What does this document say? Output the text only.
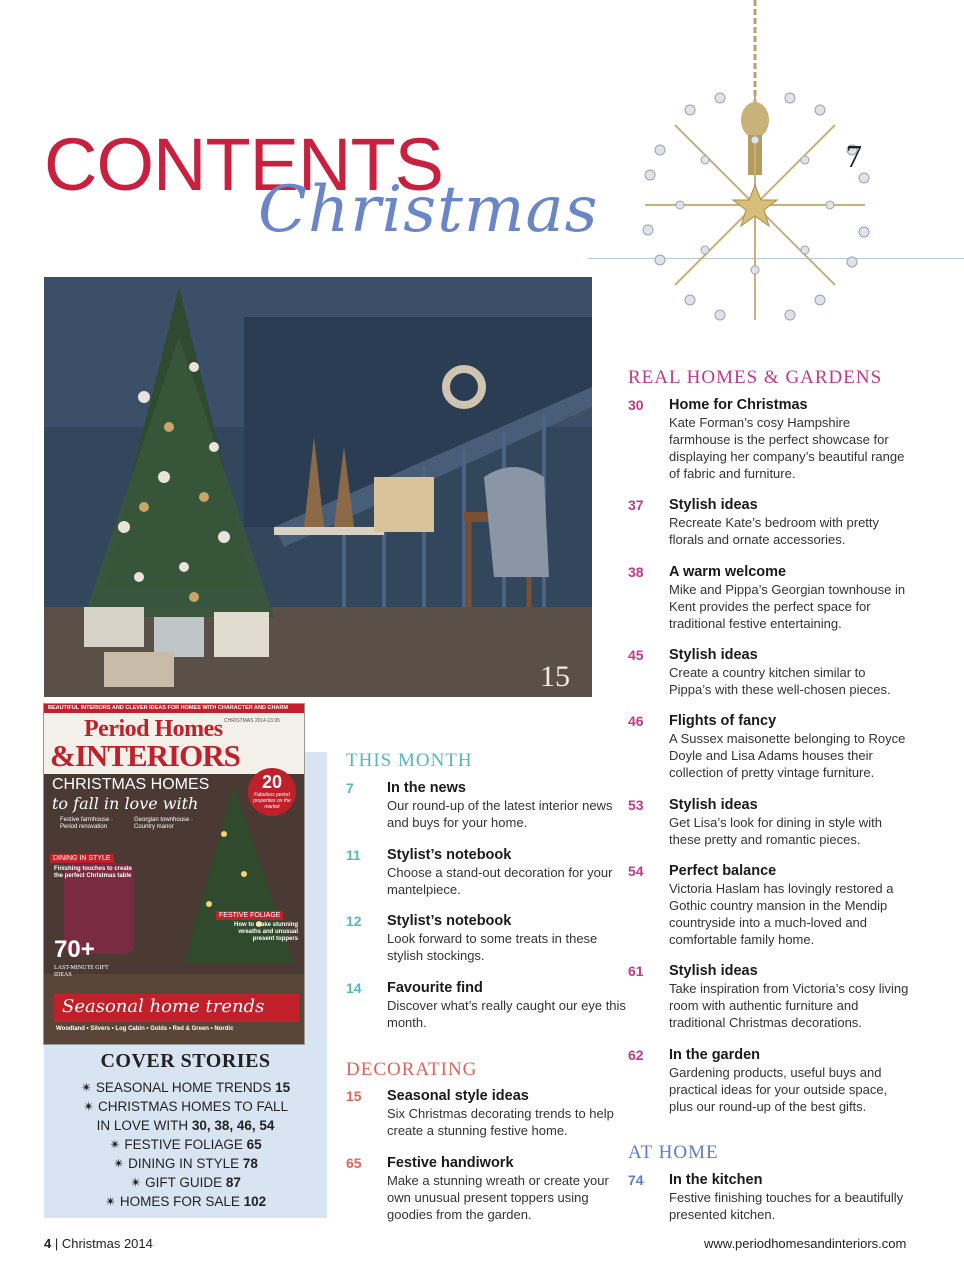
CONTENTS
Christmas
7
15
BEAUTIFUL INTERIORS AND CLEVER IDEAS FOR HOMES WITH CHARACTER AND CHARM
CHRISTMAS 2014 £3.95
Period Homes
&INTERIORS
CHRISTMAS HOMES
to fall in love with
Festive farmhouse · Period renovation
Georgian townhouse · Country manor
20
Fabulous period properties on the market
DINING IN STYLE
Finishing touches to create the perfect Christmas table
FESTIVE FOLIAGE
How to make stunning wreaths and unusual present toppers
70+
LAST-MINUTE GIFT IDEAS
Seasonal home trends
Woodland • Silvers • Log Cabin • Golds • Red & Green • Nordic
COVER STORIES
✴ SEASONAL HOME TRENDS 15
✴ CHRISTMAS HOMES TO FALL
IN LOVE WITH 30, 38, 46, 54
✴ FESTIVE FOLIAGE 65
✴ DINING IN STYLE 78
✴ GIFT GUIDE 87
✴ HOMES FOR SALE 102
THIS MONTH
7 In the news
Our round-up of the latest interior news and buys for your home.
11 Stylist’s notebook
Choose a stand-out decoration for your mantelpiece.
12 Stylist’s notebook
Look forward to some treats in these stylish stockings.
14 Favourite find
Discover what’s really caught our eye this month.
DECORATING
15 Seasonal style ideas
Six Christmas decorating trends to help create a stunning festive home.
65 Festive handiwork
Make a stunning wreath or create your own unusual present toppers using goodies from the garden.
REAL HOMES & GARDENS
30 Home for Christmas
Kate Forman’s cosy Hampshire farmhouse is the perfect showcase for displaying her company’s beautiful range of fabric and furniture.
37 Stylish ideas
Recreate Kate’s bedroom with pretty florals and ornate accessories.
38 A warm welcome
Mike and Pippa’s Georgian townhouse in Kent provides the perfect space for traditional festive entertaining.
45 Stylish ideas
Create a country kitchen similar to Pippa’s with these well-chosen pieces.
46 Flights of fancy
A Sussex maisonette belonging to Royce Doyle and Lisa Adams houses their collection of pretty vintage furniture.
53 Stylish ideas
Get Lisa’s look for dining in style with these pretty and romantic pieces.
54 Perfect balance
Victoria Haslam has lovingly restored a Gothic country mansion in the Mendip countryside into a much-loved and comfortable family home.
61 Stylish ideas
Take inspiration from Victoria’s cosy living room with authentic furniture and traditional Christmas decorations.
62 In the garden
Gardening products, useful buys and practical ideas for your outside space, plus our round-up of the best gifts.
AT HOME
74 In the kitchen
Festive finishing touches for a beautifully presented kitchen.
4 | Christmas 2014	www.periodhomesandinteriors.com
